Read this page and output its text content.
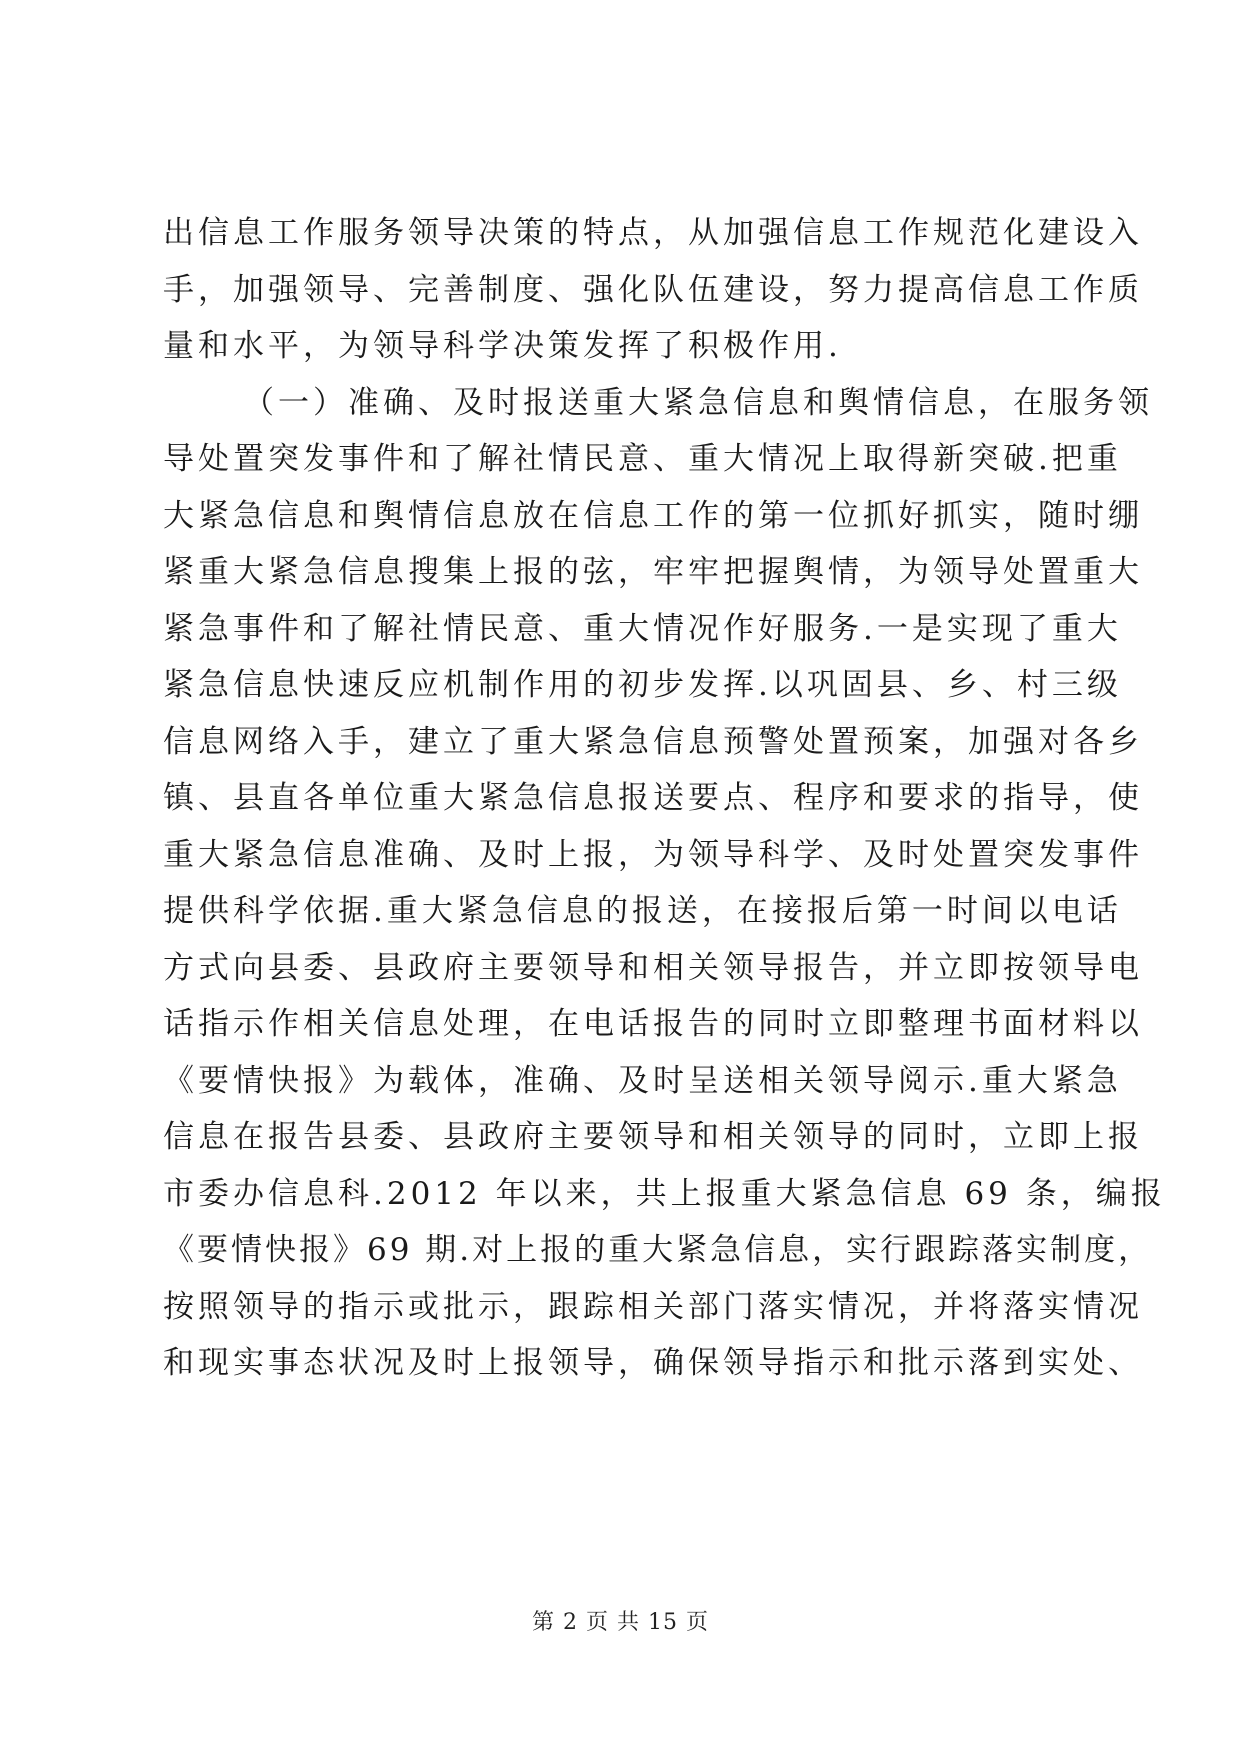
出信息工作服务领导决策的特点，从加强信息工作规范化建设入
手，加强领导、完善制度、强化队伍建设，努力提高信息工作质
量和水平，为领导科学决策发挥了积极作用.
（一）准确、及时报送重大紧急信息和舆情信息，在服务领
导处置突发事件和了解社情民意、重大情况上取得新突破.把重
大紧急信息和舆情信息放在信息工作的第一位抓好抓实，随时绷
紧重大紧急信息搜集上报的弦，牢牢把握舆情，为领导处置重大
紧急事件和了解社情民意、重大情况作好服务.一是实现了重大
紧急信息快速反应机制作用的初步发挥.以巩固县、乡、村三级
信息网络入手，建立了重大紧急信息预警处置预案，加强对各乡
镇、县直各单位重大紧急信息报送要点、程序和要求的指导，使
重大紧急信息准确、及时上报，为领导科学、及时处置突发事件
提供科学依据.重大紧急信息的报送，在接报后第一时间以电话
方式向县委、县政府主要领导和相关领导报告，并立即按领导电
话指示作相关信息处理，在电话报告的同时立即整理书面材料以
《要情快报》为载体，准确、及时呈送相关领导阅示.重大紧急
信息在报告县委、县政府主要领导和相关领导的同时，立即上报
市委办信息科.2012 年以来，共上报重大紧急信息 69 条，编报
《要情快报》69 期.对上报的重大紧急信息，实行跟踪落实制度，
按照领导的指示或批示，跟踪相关部门落实情况，并将落实情况
和现实事态状况及时上报领导，确保领导指示和批示落到实处、
第 2 页 共 15 页
